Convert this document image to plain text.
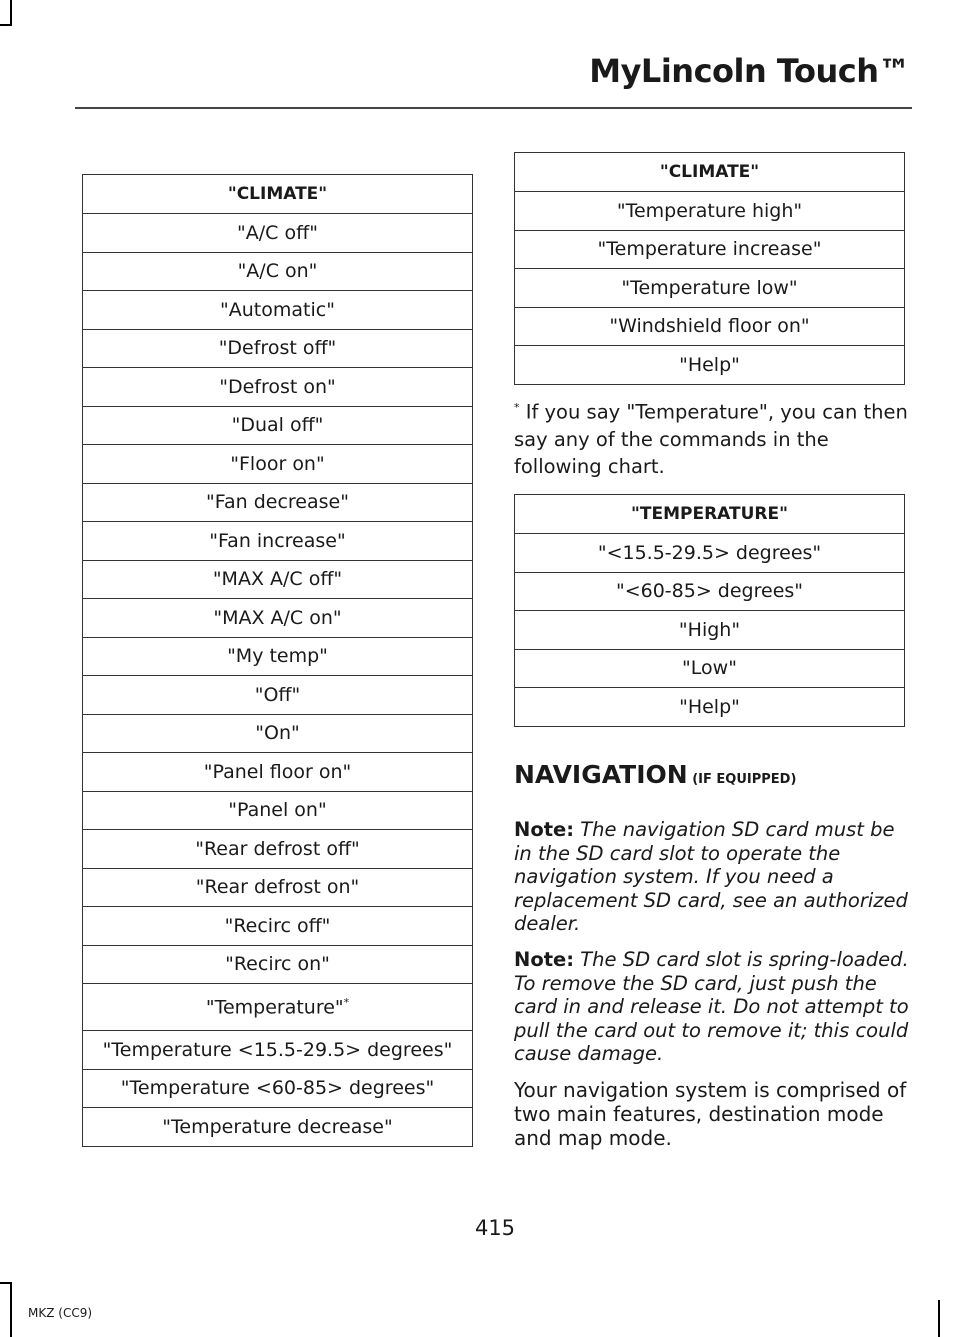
MyLincoln Touch™
"CLIMATE"
"A/C off"
"A/C on"
"Automatic"
"Defrost off"
"Defrost on"
"Dual off"
"Floor on"
"Fan decrease"
"Fan increase"
"MAX A/C off"
"MAX A/C on"
"My temp"
"Off"
"On"
"Panel floor on"
"Panel on"
"Rear defrost off"
"Rear defrost on"
"Recirc off"
"Recirc on"
"Temperature"*
"Temperature <15.5-29.5> degrees"
"Temperature <60-85> degrees"
"Temperature decrease"
"CLIMATE"
"Temperature high"
"Temperature increase"
"Temperature low"
"Windshield floor on"
"Help"
* If you say "Temperature", you can then say any of the commands in the following chart.
"TEMPERATURE"
"<15.5-29.5> degrees"
"<60-85> degrees"
"High"
"Low"
"Help"
NAVIGATION (IF EQUIPPED)
Note: The navigation SD card must be in the SD card slot to operate the navigation system. If you need a replacement SD card, see an authorized dealer.
Note: The SD card slot is spring-loaded. To remove the SD card, just push the card in and release it. Do not attempt to pull the card out to remove it; this could cause damage.
Your navigation system is comprised of two main features, destination mode and map mode.
415
MKZ (CC9)
